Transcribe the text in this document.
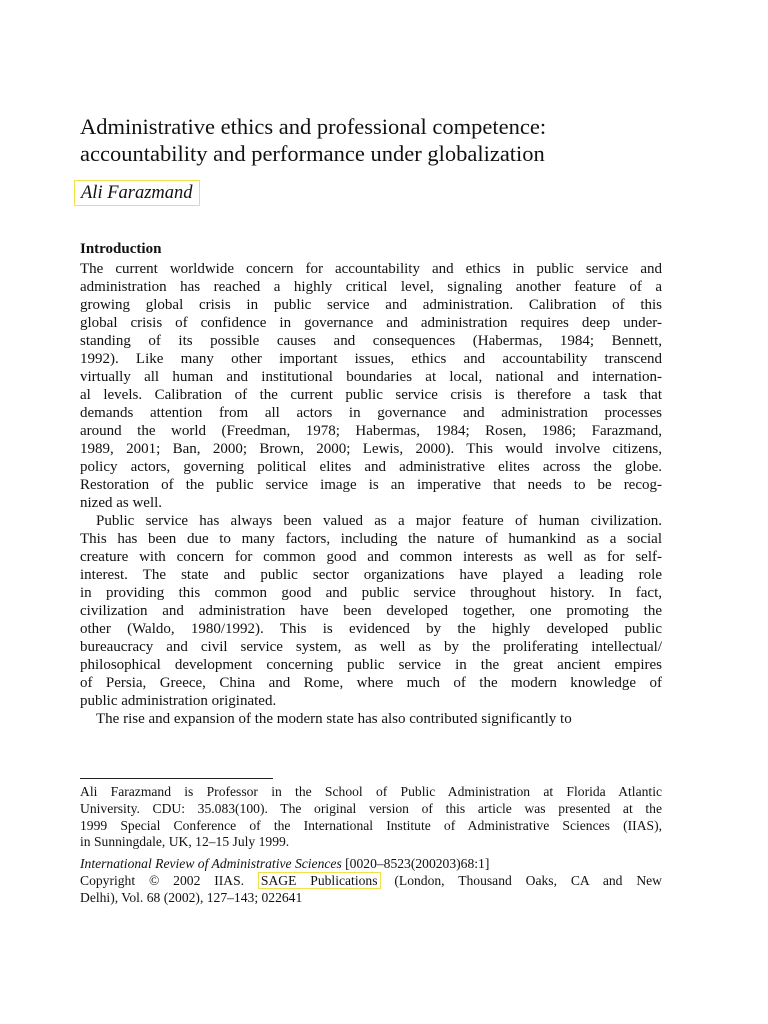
Administrative ethics and professional competence:
accountability and performance under globalization
Ali Farazmand
Introduction
The current worldwide concern for accountability and ethics in public service and
administration has reached a highly critical level, signaling another feature of a
growing global crisis in public service and administration. Calibration of this
global crisis of confidence in governance and administration requires deep under-
standing of its possible causes and consequences (Habermas, 1984; Bennett,
1992). Like many other important issues, ethics and accountability transcend
virtually all human and institutional boundaries at local, national and internation-
al levels. Calibration of the current public service crisis is therefore a task that
demands attention from all actors in governance and administration processes
around the world (Freedman, 1978; Habermas, 1984; Rosen, 1986; Farazmand,
1989, 2001; Ban, 2000; Brown, 2000; Lewis, 2000). This would involve citizens,
policy actors, governing political elites and administrative elites across the globe.
Restoration of the public service image is an imperative that needs to be recog-
nized as well.
Public service has always been valued as a major feature of human civilization.
This has been due to many factors, including the nature of humankind as a social
creature with concern for common good and common interests as well as for self-
interest. The state and public sector organizations have played a leading role
in providing this common good and public service throughout history. In fact,
civilization and administration have been developed together, one promoting the
other (Waldo, 1980/1992). This is evidenced by the highly developed public
bureaucracy and civil service system, as well as by the proliferating intellectual/
philosophical development concerning public service in the great ancient empires
of Persia, Greece, China and Rome, where much of the modern knowledge of
public administration originated.
The rise and expansion of the modern state has also contributed significantly to
Ali Farazmand is Professor in the School of Public Administration at Florida Atlantic
University. CDU: 35.083(100). The original version of this article was presented at the
1999 Special Conference of the International Institute of Administrative Sciences (IIAS),
in Sunningdale, UK, 12–15 July 1999.
International Review of Administrative Sciences [0020–8523(200203)68:1]
Copyright © 2002 IIAS. SAGE Publications (London, Thousand Oaks, CA and New
Delhi), Vol. 68 (2002), 127–143; 022641
